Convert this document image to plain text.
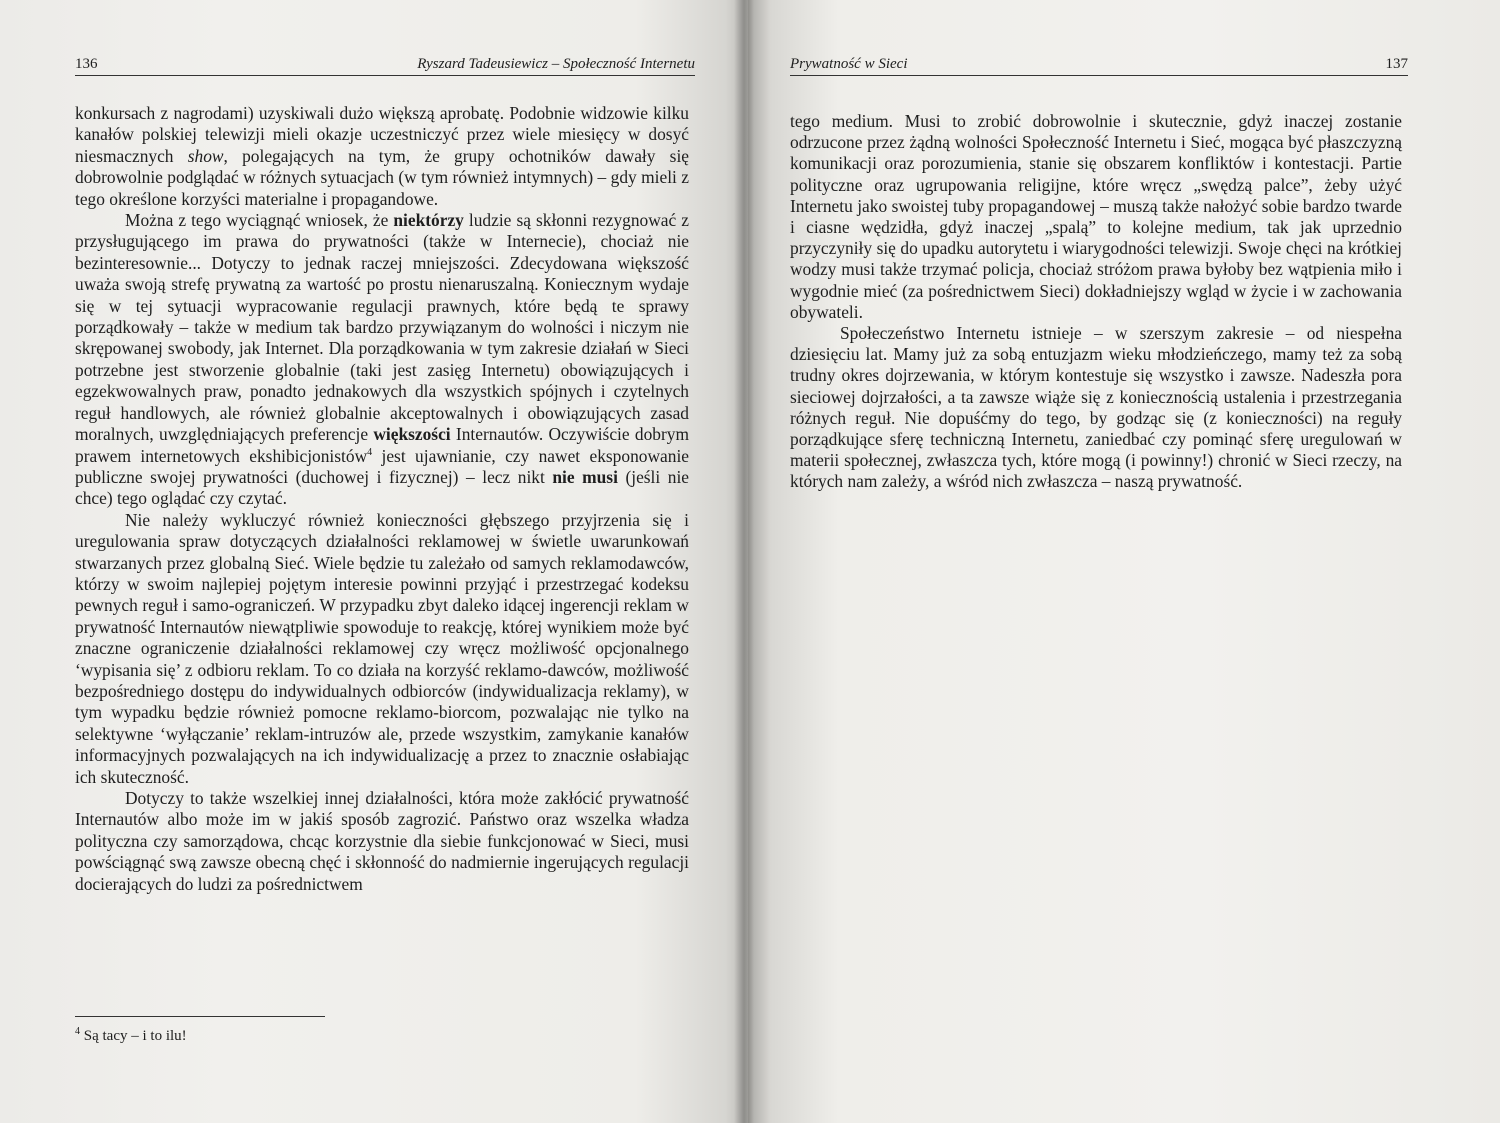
136	Ryszard Tadeusiewicz – Społeczność Internetu

konkursach z nagrodami) uzyskiwali dużo większą aprobatę. Podobnie widzowie kilku kanałów polskiej telewizji mieli okazje uczestniczyć przez wiele miesięcy w dosyć niesmacznych show, polegających na tym, że grupy ochotników dawały się dobrowolnie podglądać w różnych sytuacjach (w tym również intymnych) – gdy mieli z tego określone korzyści materialne i propagandowe.

Można z tego wyciągnąć wniosek, że niektórzy ludzie są skłonni rezygnować z przysługującego im prawa do prywatności (także w Internecie), chociaż nie bezinteresownie... Dotyczy to jednak raczej mniejszości. Zdecydowana większość uważa swoją strefę prywatną za wartość po prostu nienaruszalną. Koniecznym wydaje się w tej sytuacji wypracowanie regulacji prawnych, które będą te sprawy porządkowały – także w medium tak bardzo przywiązanym do wolności i niczym nie skrępowanej swobody, jak Internet. Dla porządkowania w tym zakresie działań w Sieci potrzebne jest stworzenie globalnie (taki jest zasięg Internetu) obowiązujących i egzekwowalnych praw, ponadto jednakowych dla wszystkich spójnych i czytelnych reguł handlowych, ale również globalnie akceptowalnych i obowiązujących zasad moralnych, uwzględniających preferencje większości Internautów. Oczywiście dobrym prawem internetowych ekshibicjonistów$^4$ jest ujawnianie, czy nawet eksponowanie publiczne swojej prywatności (duchowej i fizycznej) – lecz nikt nie musi (jeśli nie chce) tego oglądać czy czytać.

Nie należy wykluczyć również konieczności głębszego przyjrzenia się i uregulowania spraw dotyczących działalności reklamowej w świetle uwarunkowań stwarzanych przez globalną Sieć. Wiele będzie tu zależało od samych reklamodawców, którzy w swoim najlepiej pojętym interesie powinni przyjąć i przestrzegać kodeksu pewnych reguł i samo-ograniczeń. W przypadku zbyt daleko idącej ingerencji reklam w prywatność Internautów niewątpliwie spowoduje to reakcję, której wynikiem może być znaczne ograniczenie działalności reklamowej czy wręcz możliwość opcjonalnego ‘wypisania się’ z odbioru reklam. To co działa na korzyść reklamo-dawców, możliwość bezpośredniego dostępu do indywidualnych odbiorców (indywidualizacja reklamy), w tym wypadku będzie również pomocne reklamo-biorcom, pozwalając nie tylko na selektywne ‘wyłączanie’ reklam-intruzów ale, przede wszystkim, zamykanie kanałów informacyjnych pozwalających na ich indywidualizację a przez to znacznie osłabiając ich skuteczność.

Dotyczy to także wszelkiej innej działalności, która może zakłócić prywatność Internautów albo może im w jakiś sposób zagrozić. Państwo oraz wszelka władza polityczna czy samorządowa, chcąc korzystnie dla siebie funkcjonować w Sieci, musi powściągnąć swą zawsze obecną chęć i skłonność do nadmiernie ingerujących regulacji docierających do ludzi za pośrednictwem

$^4$ Są tacy – i to ilu!
Prywatność w Sieci	137

tego medium. Musi to zrobić dobrowolnie i skutecznie, gdyż inaczej zostanie odrzucone przez żądną wolności Społeczność Internetu i Sieć, mogąca być płaszczyzną komunikacji oraz porozumienia, stanie się obszarem konfliktów i kontestacji. Partie polityczne oraz ugrupowania religijne, które wręcz „swędzą palce”, żeby użyć Internetu jako swoistej tuby propagandowej – muszą także nałożyć sobie bardzo twarde i ciasne wędzidła, gdyż inaczej „spalą” to kolejne medium, tak jak uprzednio przyczyniły się do upadku autorytetu i wiarygodności telewizji. Swoje chęci na krótkiej wodzy musi także trzymać policja, chociaż stróżom prawa byłoby bez wątpienia miło i wygodnie mieć (za pośrednictwem Sieci) dokładniejszy wgląd w życie i w zachowania obywateli.

Społeczeństwo Internetu istnieje – w szerszym zakresie – od niespełna dziesięciu lat. Mamy już za sobą entuzjazm wieku młodzieńczego, mamy też za sobą trudny okres dojrzewania, w którym kontestuje się wszystko i zawsze. Nadeszła pora sieciowej dojrzałości, a ta zawsze wiąże się z koniecznością ustalenia i przestrzegania różnych reguł. Nie dopuśćmy do tego, by godząc się (z konieczności) na reguły porządkujące sferę techniczną Internetu, zaniedbać czy pominąć sferę uregulowań w materii społecznej, zwłaszcza tych, które mogą (i powinny!) chronić w Sieci rzeczy, na których nam zależy, a wśród nich zwłaszcza – naszą prywatność.
